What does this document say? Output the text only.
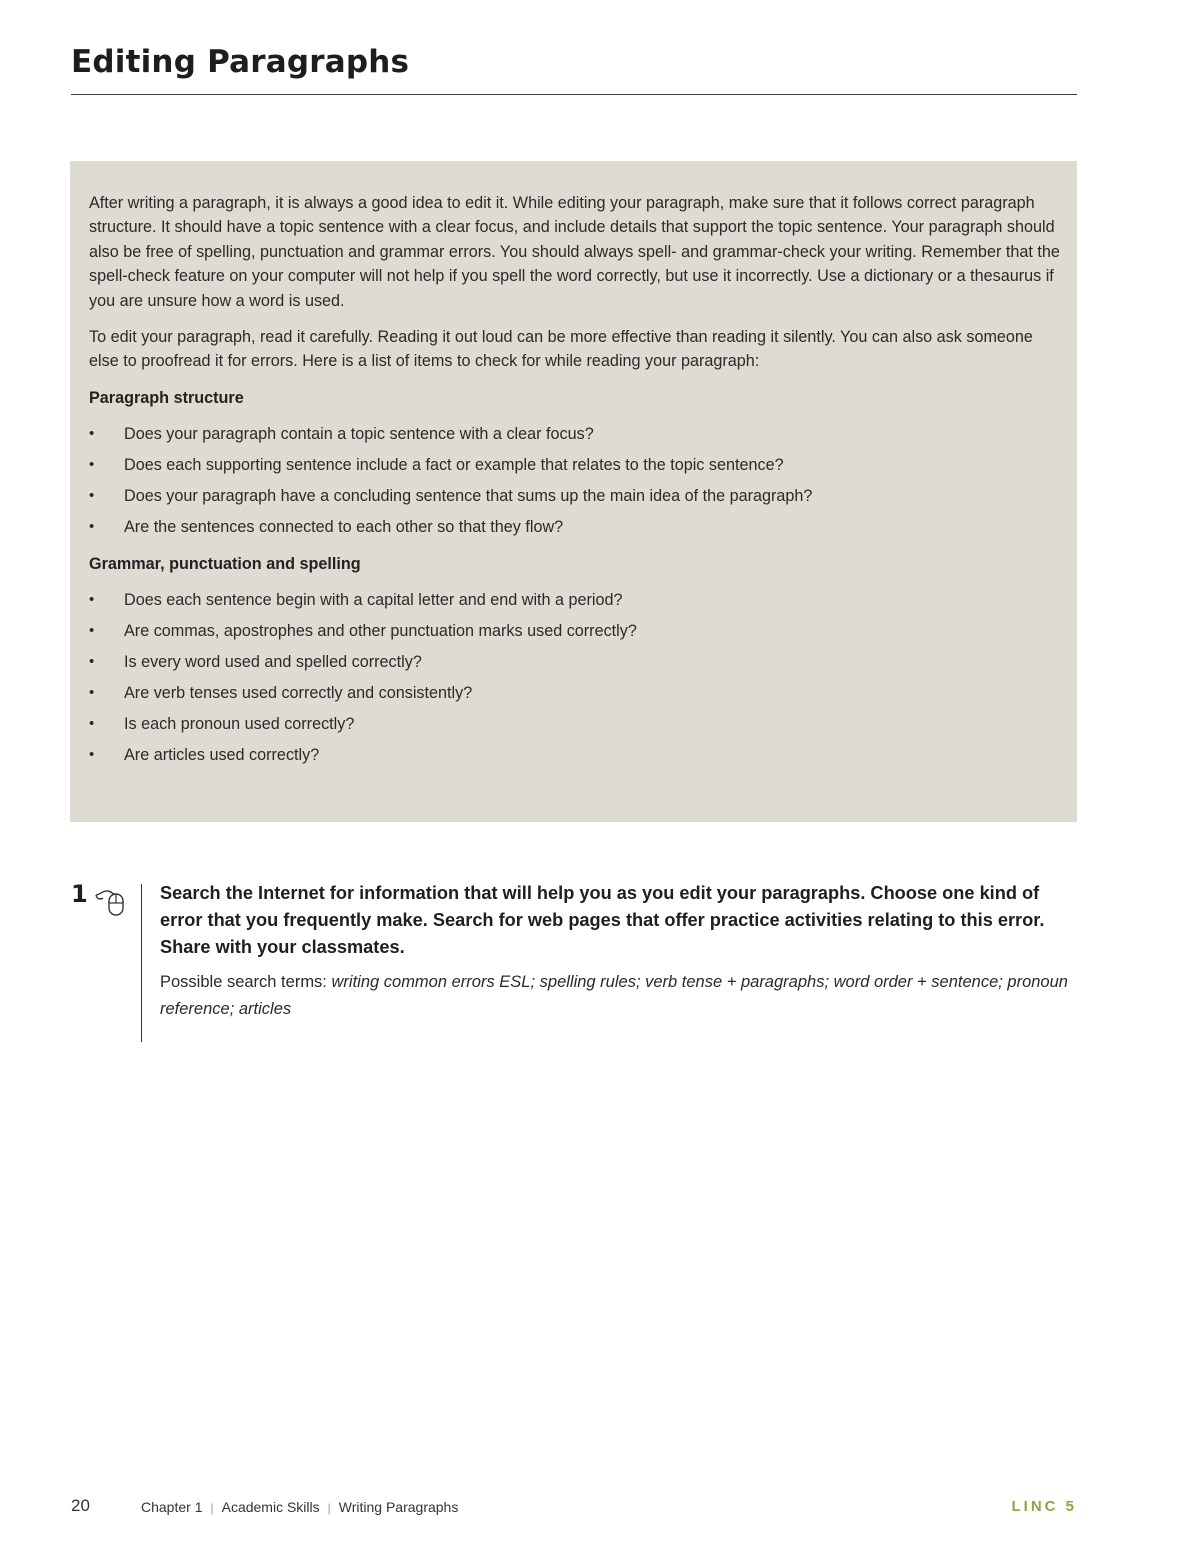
Editing Paragraphs

After writing a paragraph, it is always a good idea to edit it. While editing your paragraph, make sure that it follows correct paragraph structure. It should have a topic sentence with a clear focus, and include details that support the topic sentence. Your paragraph should also be free of spelling, punctuation and grammar errors. You should always spell- and grammar-check your writing. Remember that the spell-check feature on your computer will not help if you spell the word correctly, but use it incorrectly. Use a dictionary or a thesaurus if you are unsure how a word is used.

To edit your paragraph, read it carefully. Reading it out loud can be more effective than reading it silently. You can also ask someone else to proofread it for errors. Here is a list of items to check for while reading your paragraph:

Paragraph structure
• Does your paragraph contain a topic sentence with a clear focus?
• Does each supporting sentence include a fact or example that relates to the topic sentence?
• Does your paragraph have a concluding sentence that sums up the main idea of the paragraph?
• Are the sentences connected to each other so that they flow?
Grammar, punctuation and spelling
• Does each sentence begin with a capital letter and end with a period?
• Are commas, apostrophes and other punctuation marks used correctly?
• Is every word used and spelled correctly?
• Are verb tenses used correctly and consistently?
• Is each pronoun used correctly?
• Are articles used correctly?
1	Search the Internet for information that will help you as you edit your paragraphs. Choose one kind of error that you frequently make. Search for web pages that offer practice activities relating to this error. Share with your classmates.

Possible search terms: writing common errors ESL; spelling rules; verb tense + paragraphs; word order + sentence; pronoun reference; articles

20	Chapter 1 | Academic Skills | Writing Paragraphs	LINC 5
